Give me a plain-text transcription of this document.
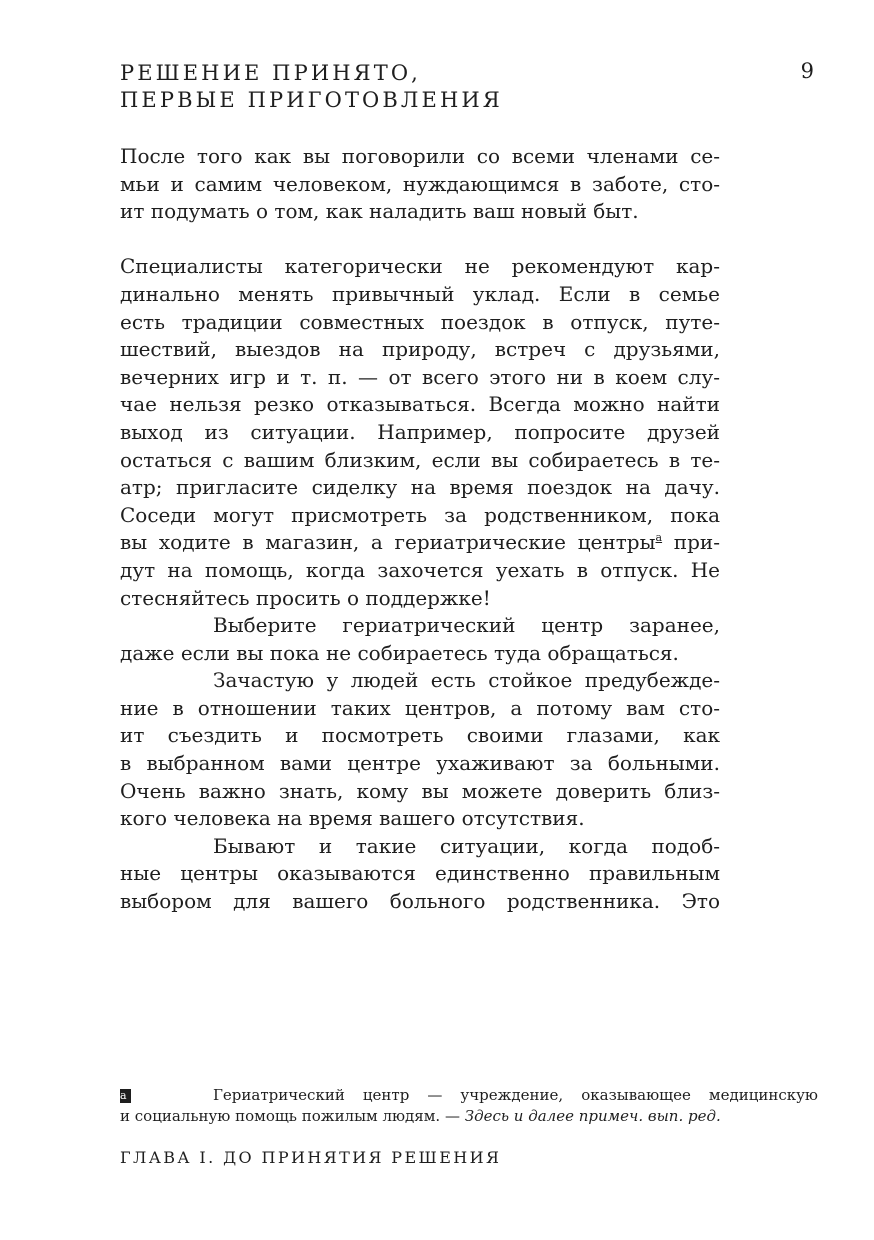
РЕШЕНИЕ ПРИНЯТО,
ПЕРВЫЕ ПРИГОТОВЛЕНИЯ
9
После того как вы поговорили со всеми членами се-
мьи и самим человеком, нуждающимся в заботе, сто-
ит подумать о том, как наладить ваш новый быт.
Специалисты категорически не рекомендуют кар-
динально менять привычный уклад. Если в семье
есть традиции совместных поездок в отпуск, путе-
шествий, выездов на природу, встреч с друзьями,
вечерних игр и т. п. — от всего этого ни в коем слу-
чае нельзя резко отказываться. Всегда можно найти
выход из ситуации. Например, попросите друзей
остаться с вашим близким, если вы собираетесь в те-
атр; пригласите сиделку на время поездок на дачу.
Соседи могут присмотреть за родственником, пока
вы ходите в магазин, а гериатрические центры$^a$ при-
дут на помощь, когда захочется уехать в отпуск. Не
стесняйтесь просить о поддержке!
Выберите гериатрический центр заранее,
даже если вы пока не собираетесь туда обращаться.
Зачастую у людей есть стойкое предубежде-
ние в отношении таких центров, а потому вам сто-
ит съездить и посмотреть своими глазами, как
в выбранном вами центре ухаживают за больными.
Очень важно знать, кому вы можете доверить близ-
кого человека на время вашего отсутствия.
Бывают и такие ситуации, когда подоб-
ные центры оказываются единственно правильным
выбором для вашего больного родственника. Это
a	Гериатрический центр — учреждение, оказывающее медицинскую
и социальную помощь пожилым людям. — Здесь и далее примеч. вып. ред.
ГЛАВА I. ДО ПРИНЯТИЯ РЕШЕНИЯ
